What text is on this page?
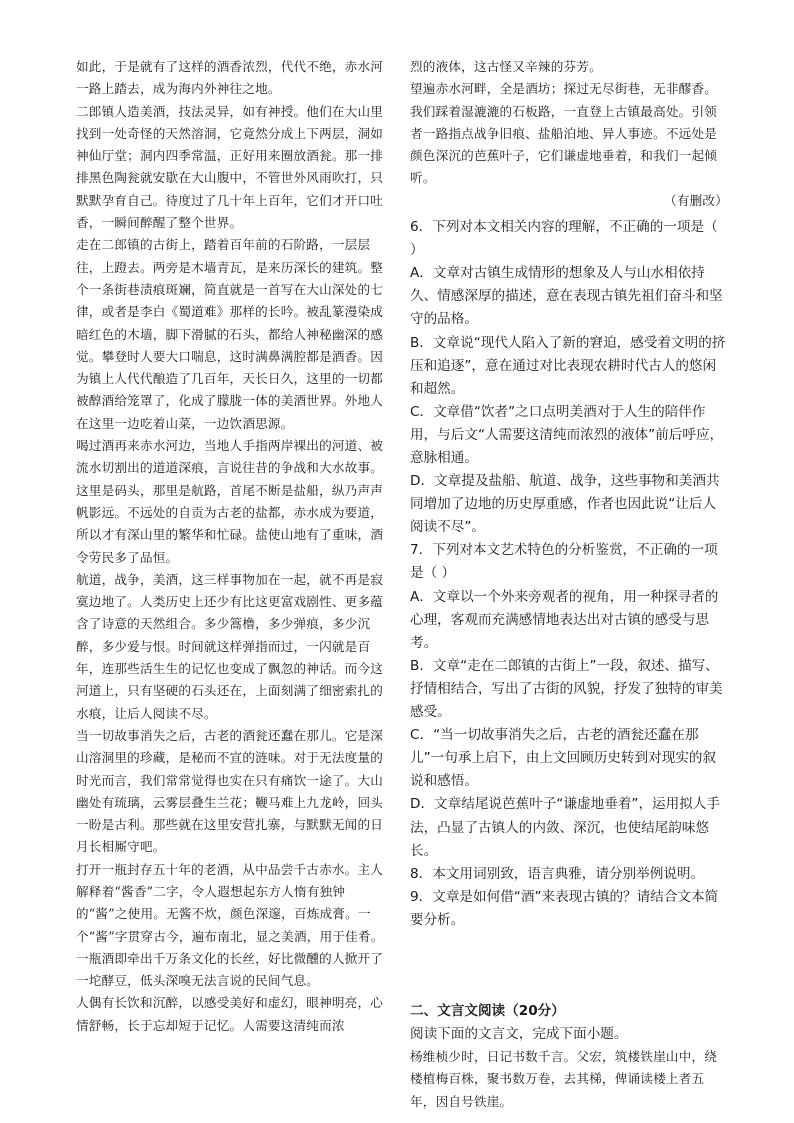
如此，于是就有了这样的酒香浓烈，代代不绝，赤水河一路上踏去，成为海内外神往之地。

二郎镇人造美酒，技法灵异，如有神授。他们在大山里找到一处奇怪的天然溶洞，它竟然分成上下两层，洞如神仙厅堂；洞内四季常温，正好用来圈放酒瓮。那一排排黑色陶瓮就安歇在大山腹中，不管世外风雨吹打，只默默孕育自己。待度过了几十年上百年，它们才开口吐香，一瞬间醉醒了整个世界。

走在二郎镇的古街上，踏着百年前的石阶路，一层层往，上蹬去。两旁是木墙青瓦，是来历深长的建筑。整个一条街巷渍痕斑斓，简直就是一首写在大山深处的七律，或者是李白《蜀道难》那样的长吟。被乱篆漫染成暗红色的木墙，脚下滑腻的石头，都给人神秘幽深的感觉。攀登时人要大口喘息，这时满鼻满腔都是酒香。因为镇上人代代酿造了几百年，天长日久，这里的一切都被醇酒给笼罩了，化成了朦胧一体的美酒世界。外地人在这里一边吃着山菜，一边饮酒思源。

喝过酒再来赤水河边，当地人手指两岸裸出的河道、被流水切割出的道道深痕，言说往昔的争战和大水故事。这里是码头，那里是航路，首尾不断是盐船，纵乃声声帆影远。不远处的自贡为古老的盐都，赤水成为要道，所以才有深山里的繁华和忙碌。盐使山地有了重味，酒令劳民多了品恒。

航道，战争，美酒，这三样事物加在一起，就不再是寂寞边地了。人类历史上还少有比这更富戏剧性、更多蕴含了诗意的天然组合。多少篙橹，多少弹痕，多少沉醉，多少爱与恨。时间就这样弹指而过，一闪就是百年，连那些活生生的记忆也变成了飘忽的神话。而今这河道上，只有坚硬的石头还在，上面刻满了细密索扎的水痕，让后人阅读不尽。

当一切故事消失之后，古老的酒瓮还蠢在那儿。它是深山溶洞里的珍藏，是秘而不宣的涟味。对于无法度量的时光而言，我们常常觉得也实在只有痛饮一途了。大山幽处有琉璃，云雾层叠生兰花；鞭马难上九龙岭，回头一盼是古利。那些就在这里安营扎寨，与默默无闻的日月长相厮守吧。

打开一瓶封存五十年的老酒，从中品尝千古赤水。主人解释着“酱香”二字，令人遐想起东方人惰有独钟的“酱”之使用。无酱不炊，颜色深邃，百炼成膏。一个“酱”字贯穿古今，遍布南北，显之美酒，用于佳肴。一瓶酒即牵出千万条文化的长丝，好比微醺的人掀开了一坨酵豆，低头深嗅无法言说的民间气息。

人偶有长饮和沉醉，以感受美好和虚幻，眼神明亮，心情舒畅，长于忘却短于记忆。人需要这清纯而浓

烈的液体，这古怪又辛辣的芬芳。

望遍赤水河畔，全是酒坊；探过无尽街巷，无非醪香。我们踩着湿漉漉的石板路，一直登上古镇最高处。引领者一路指点战争旧痕、盐船泊地、异人事迹。不远处是颜色深沉的芭蕉叶子，它们谦虚地垂着，和我们一起倾听。

（有删改）

6．下列对本文相关内容的理解，不正确的一项是（ ）

A．文章对古镇生成情形的想象及人与山水相依持久、情感深厚的描述，意在表现古镇先祖们奋斗和坚守的品格。

B．文章说“现代人陷入了新的窘迫，感受着文明的挤压和追逐”，意在通过对比表现农耕时代古人的悠闲和超然。

C．文章借“饮者”之口点明美酒对于人生的陪伴作用，与后文“人需要这清纯而浓烈的液体”前后呼应，意脉相通。

D．文章提及盐船、航道、战争，这些事物和美酒共同增加了边地的历史厚重感，作者也因此说“让后人阅读不尽”。

7．下列对本文艺术特色的分析鉴赏，不正确的一项是（ ）

A．文章以一个外来旁观者的视角，用一种探寻者的心理，客观而充满感情地表达出对古镇的感受与思考。

B．文章“走在二郎镇的古街上”一段，叙述、描写、抒情相结合，写出了古街的风貌，抒发了独特的审美感受。

C．“当一切故事消失之后，古老的酒瓮还蠢在那儿”一句承上启下，由上文回顾历史转到对现实的叙说和感悟。

D．文章结尾说芭蕉叶子“谦虚地垂着”，运用拟人手法，凸显了古镇人的内敛、深沉，也使结尾韵味悠长。

8．本文用词别致，语言典雅，请分别举例说明。

9．文章是如何借“酒”来表现古镇的？请结合文本简要分析。

二、文言文阅读（20分）

阅读下面的文言文，完成下面小题。

杨维桢少时，日记书数千言。父宏，筑楼铁崖山中，绕楼植梅百株，聚书数万卷，去其梯，俾诵读楼上者五年，因自号铁崖。
